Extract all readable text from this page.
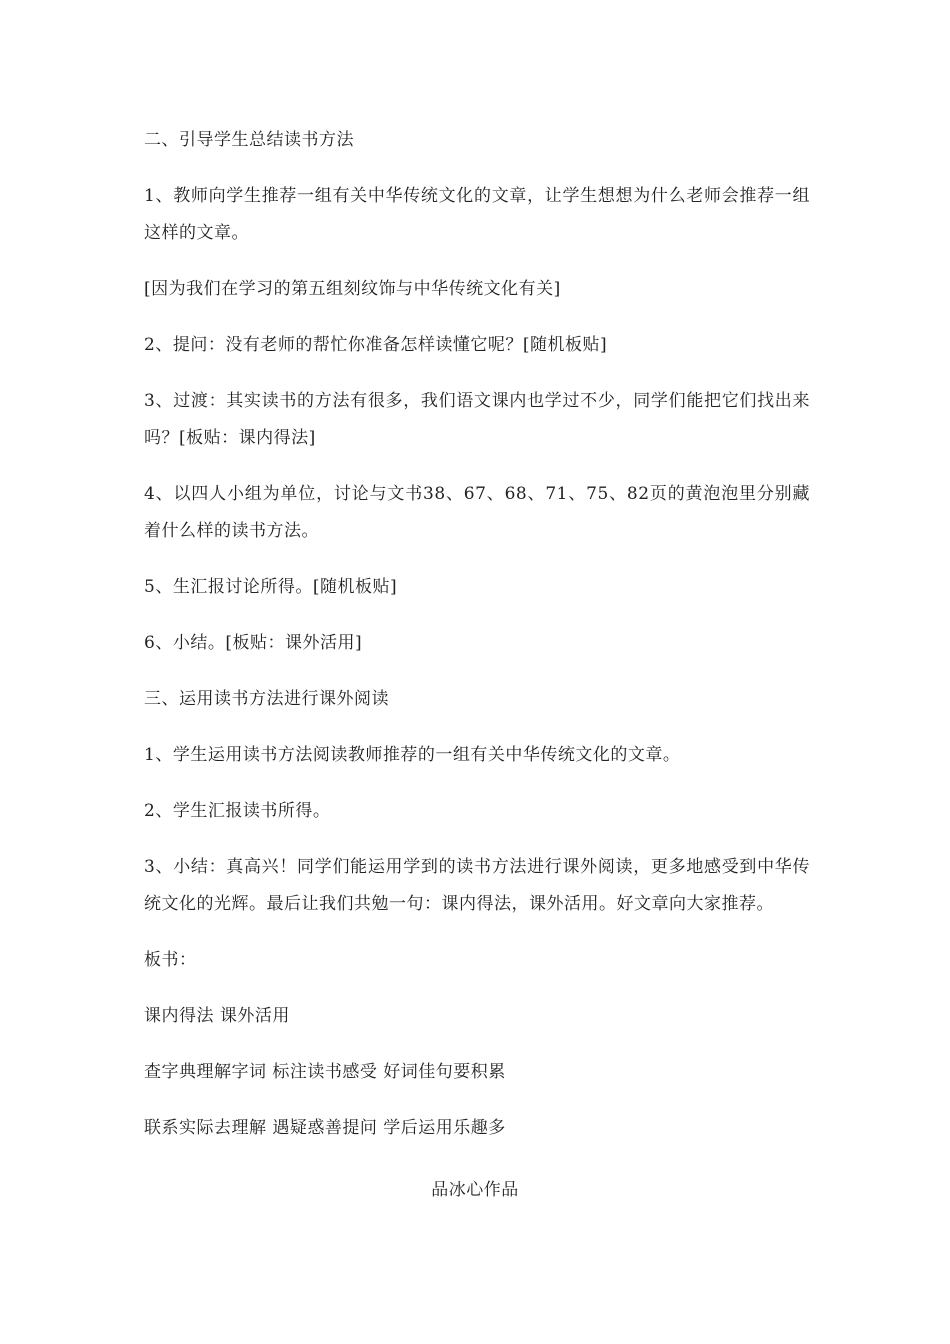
二、引导学生总结读书方法

1、教师向学生推荐一组有关中华传统文化的文章，让学生想想为什么老师会推荐一组这样的文章。

[因为我们在学习的第五组刻纹饰与中华传统文化有关]

2、提问：没有老师的帮忙你准备怎样读懂它呢？[随机板贴]

3、过渡：其实读书的方法有很多，我们语文课内也学过不少，同学们能把它们找出来吗？[板贴：课内得法]

4、以四人小组为单位，讨论与文书38、67、68、71、75、82页的黄泡泡里分别藏着什么样的读书方法。

5、生汇报讨论所得。[随机板贴]

6、小结。[板贴：课外活用]

三、运用读书方法进行课外阅读

1、学生运用读书方法阅读教师推荐的一组有关中华传统文化的文章。

2、学生汇报读书所得。

3、小结：真高兴！同学们能运用学到的读书方法进行课外阅读，更多地感受到中华传统文化的光辉。最后让我们共勉一句：课内得法，课外活用。好文章向大家推荐。

板书：

课内得法 课外活用

查字典理解字词 标注读书感受 好词佳句要积累

联系实际去理解 遇疑惑善提问 学后运用乐趣多

品冰心作品
